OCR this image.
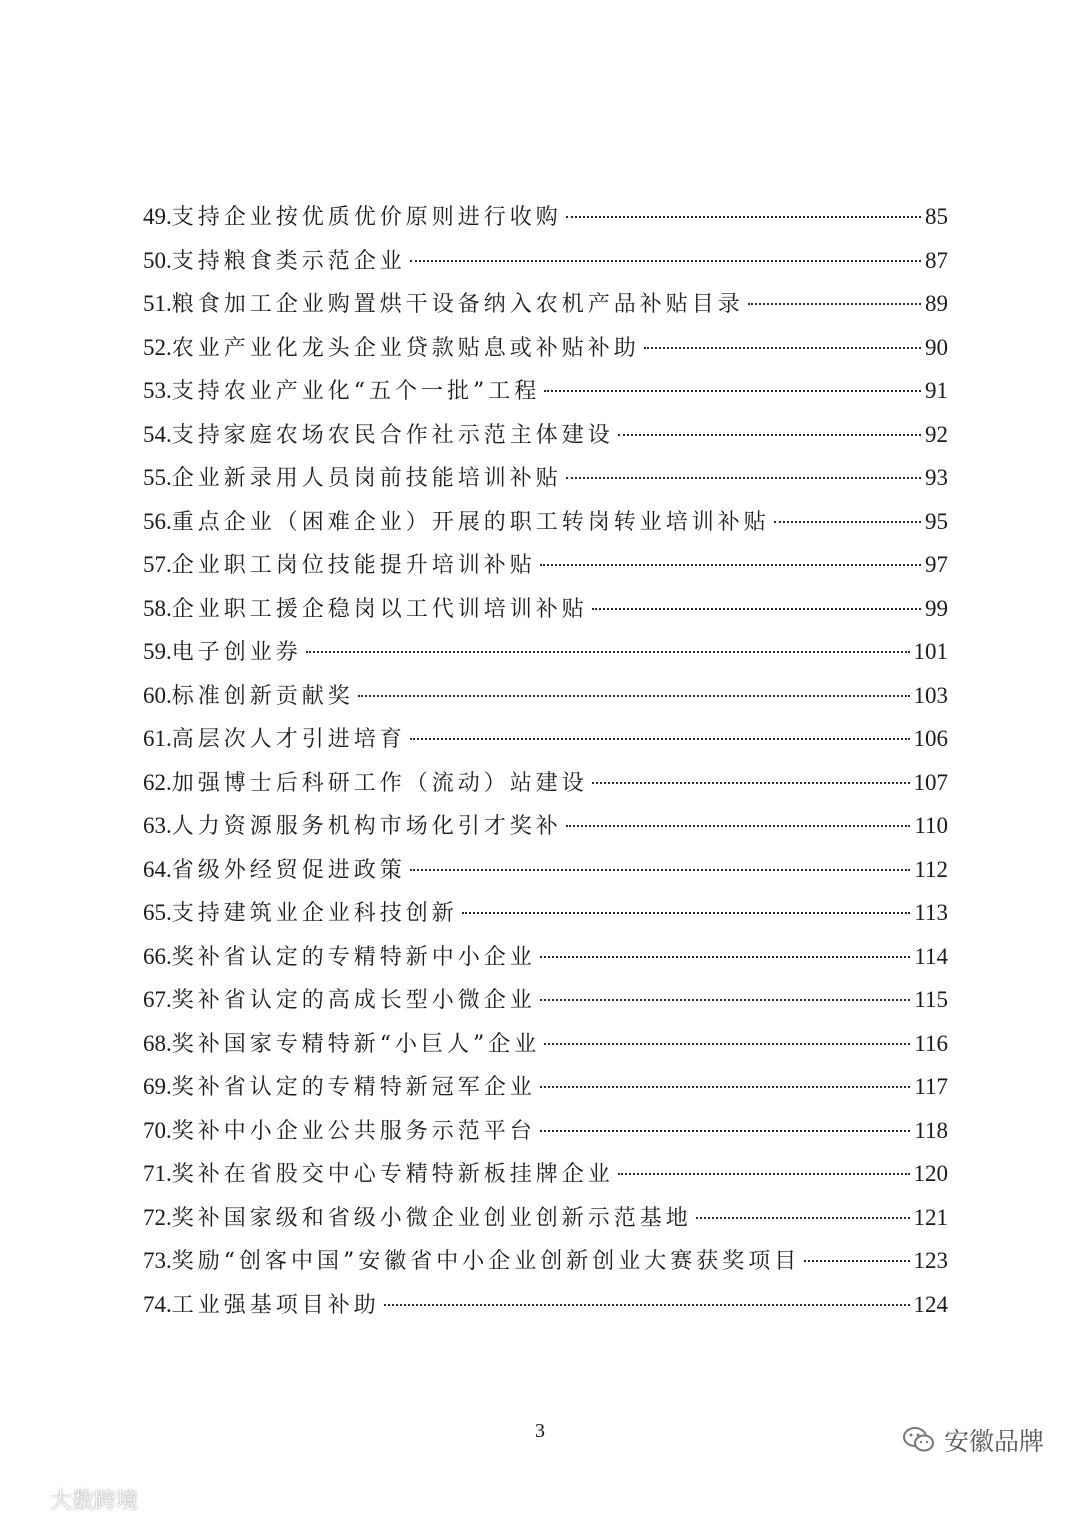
49. 支持企业按优质优价原则进行收购	85
50. 支持粮食类示范企业	87
51. 粮食加工企业购置烘干设备纳入农机产品补贴目录	89
52. 农业产业化龙头企业贷款贴息或补贴补助	90
53. 支持农业产业化“五个一批”工程	91
54. 支持家庭农场农民合作社示范主体建设	92
55. 企业新录用人员岗前技能培训补贴	93
56. 重点企业（困难企业）开展的职工转岗转业培训补贴	95
57. 企业职工岗位技能提升培训补贴	97
58. 企业职工援企稳岗以工代训培训补贴	99
59. 电子创业券	101
60. 标准创新贡献奖	103
61. 高层次人才引进培育	106
62. 加强博士后科研工作（流动）站建设	107
63. 人力资源服务机构市场化引才奖补	110
64. 省级外经贸促进政策	112
65. 支持建筑业企业科技创新	113
66. 奖补省认定的专精特新中小企业	114
67. 奖补省认定的高成长型小微企业	115
68. 奖补国家专精特新“小巨人”企业	116
69. 奖补省认定的专精特新冠军企业	117
70. 奖补中小企业公共服务示范平台	118
71. 奖补在省股交中心专精特新板挂牌企业	120
72. 奖补国家级和省级小微企业创业创新示范基地	121
73. 奖励“创客中国”安徽省中小企业创新创业大赛获奖项目	123
74. 工业强基项目补助	124
3
大数跨境
安徽品牌
